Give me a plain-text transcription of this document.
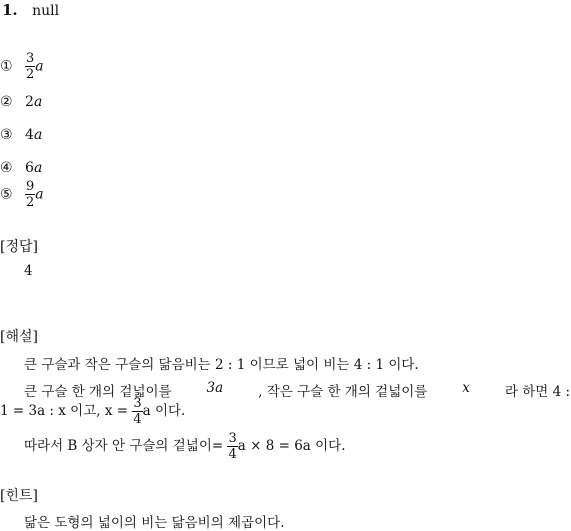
1. null
① $\frac{3}{2}$ a
② 2a
③ 4a
④ 6a
⑤ $\frac{9}{2}$ a
[정답]
4
[해설]
큰 구슬과 작은 구슬의 닮음비는 2 : 1 이므로 넓이 비는 4 : 1 이다.
큰 구슬 한 개의 겉넓이를	3a	, 작은 구슬 한 개의 겉넓이를	x	라 하면 4 :
1 = 3a : x 이고, $x = \frac{3}{4}$ a 이다.
따라서 B 상자 안 구슬의 겉넓이= $\frac{3}{4}$ a × 8 = 6a 이다.
[힌트]
닮은 도형의 넓이의 비는 닮음비의 제곱이다.
